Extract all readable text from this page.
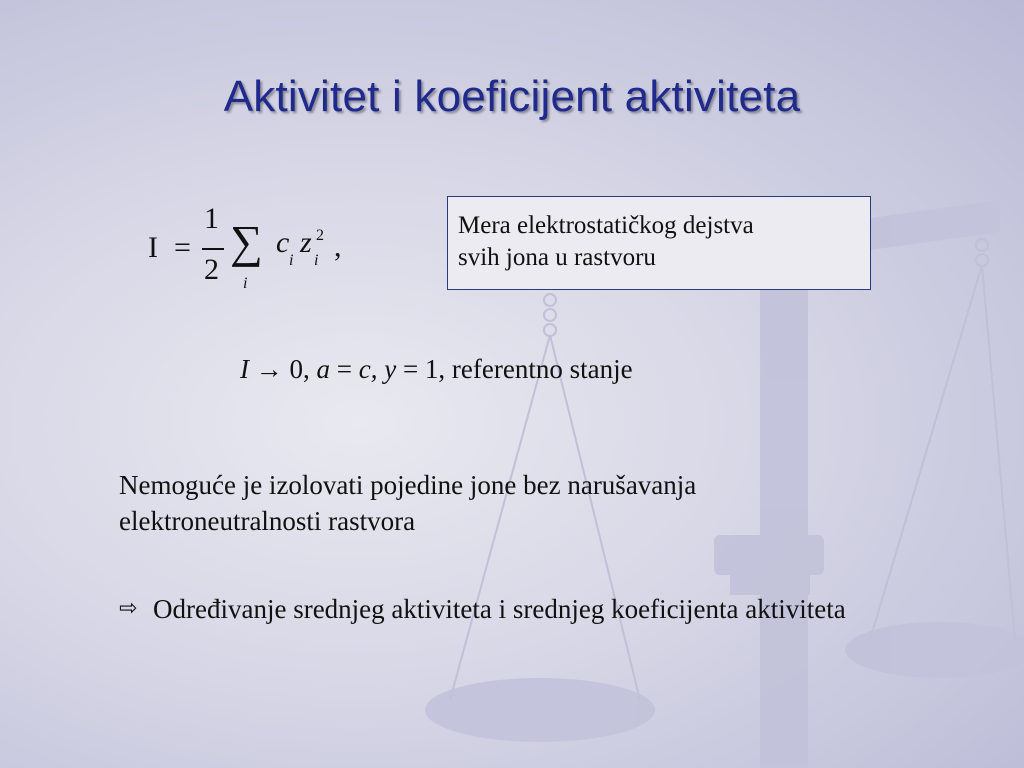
Aktivitet i koeficijent aktiviteta
I =
1
2
∑
i
c
i
z
i
2 ,
Mera elektrostatičkog dejstva
svih jona u rastvoru
I → 0, a = c, y = 1, referentno stanje
Nemoguće je izolovati pojedine jone bez narušavanja
elektroneutralnosti rastvora
⇨ Određivanje srednjeg aktiviteta i srednjeg koeficijenta aktiviteta
